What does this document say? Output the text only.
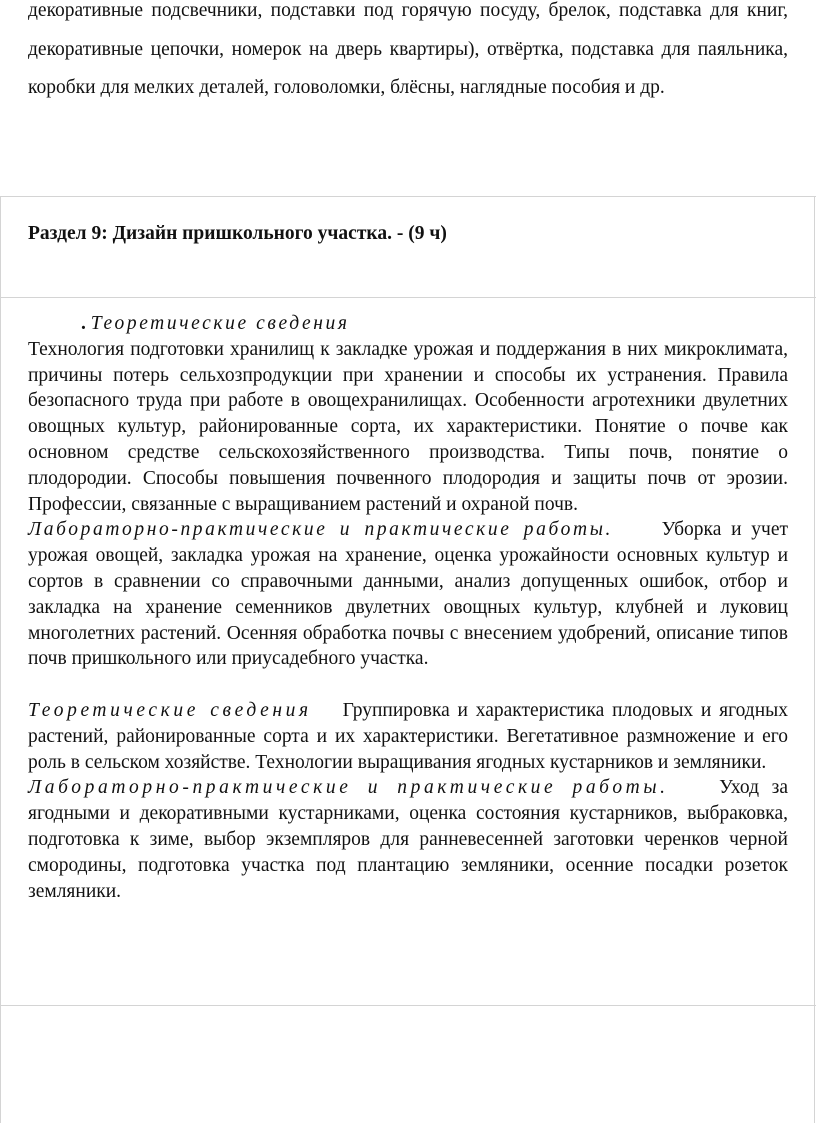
декоративные подсвечники, подставки под горячую посуду, брелок, подставка для книг, декоративные цепочки, номерок на дверь квартиры), отвёртка, подставка для паяльника, коробки для мелких деталей, головоломки, блёсны, наглядные пособия и др.

Раздел 9: Дизайн пришкольного участка. - (9 ч)

. Теоретические сведения

Технология подготовки хранилищ к закладке урожая и поддержания в них микроклимата, причины потерь сельхозпродукции при хранении и способы их устранения. Правила безопасного труда при работе в овощехранилищах. Особенности агротехники двулетних овощных культур, районированные сорта, их характеристики. Понятие о почве как основном средстве сельскохозяйственного производства. Типы почв, понятие о плодородии. Способы повышения почвенного плодородия и защиты почв от эрозии. Профессии, связанные с выращиванием растений и охраной почв.

Лабораторно-практические и практические работы. Уборка и учет урожая овощей, закладка урожая на хранение, оценка урожайности основных культур и сортов в сравнении со справочными данными, анализ допущенных ошибок, отбор и закладка на хранение семенников двулетних овощных культур, клубней и луковиц многолетних растений. Осенняя обработка почвы с внесением удобрений, описание типов почв пришкольного или приусадебного участка.

Теоретические сведения Группировка и характеристика плодовых и ягодных растений, районированные сорта и их характеристики. Вегетативное размножение и его роль в сельском хозяйстве. Технологии выращивания ягодных кустарников и земляники.

Лабораторно-практические и практические работы.	Уход за ягодными и декоративными кустарниками, оценка состояния кустарников, выбраковка, подготовка к зиме, выбор экземпляров для ранневесенней заготовки черенков черной смородины, подготовка участка под плантацию земляники, осенние посадки розеток земляники.
